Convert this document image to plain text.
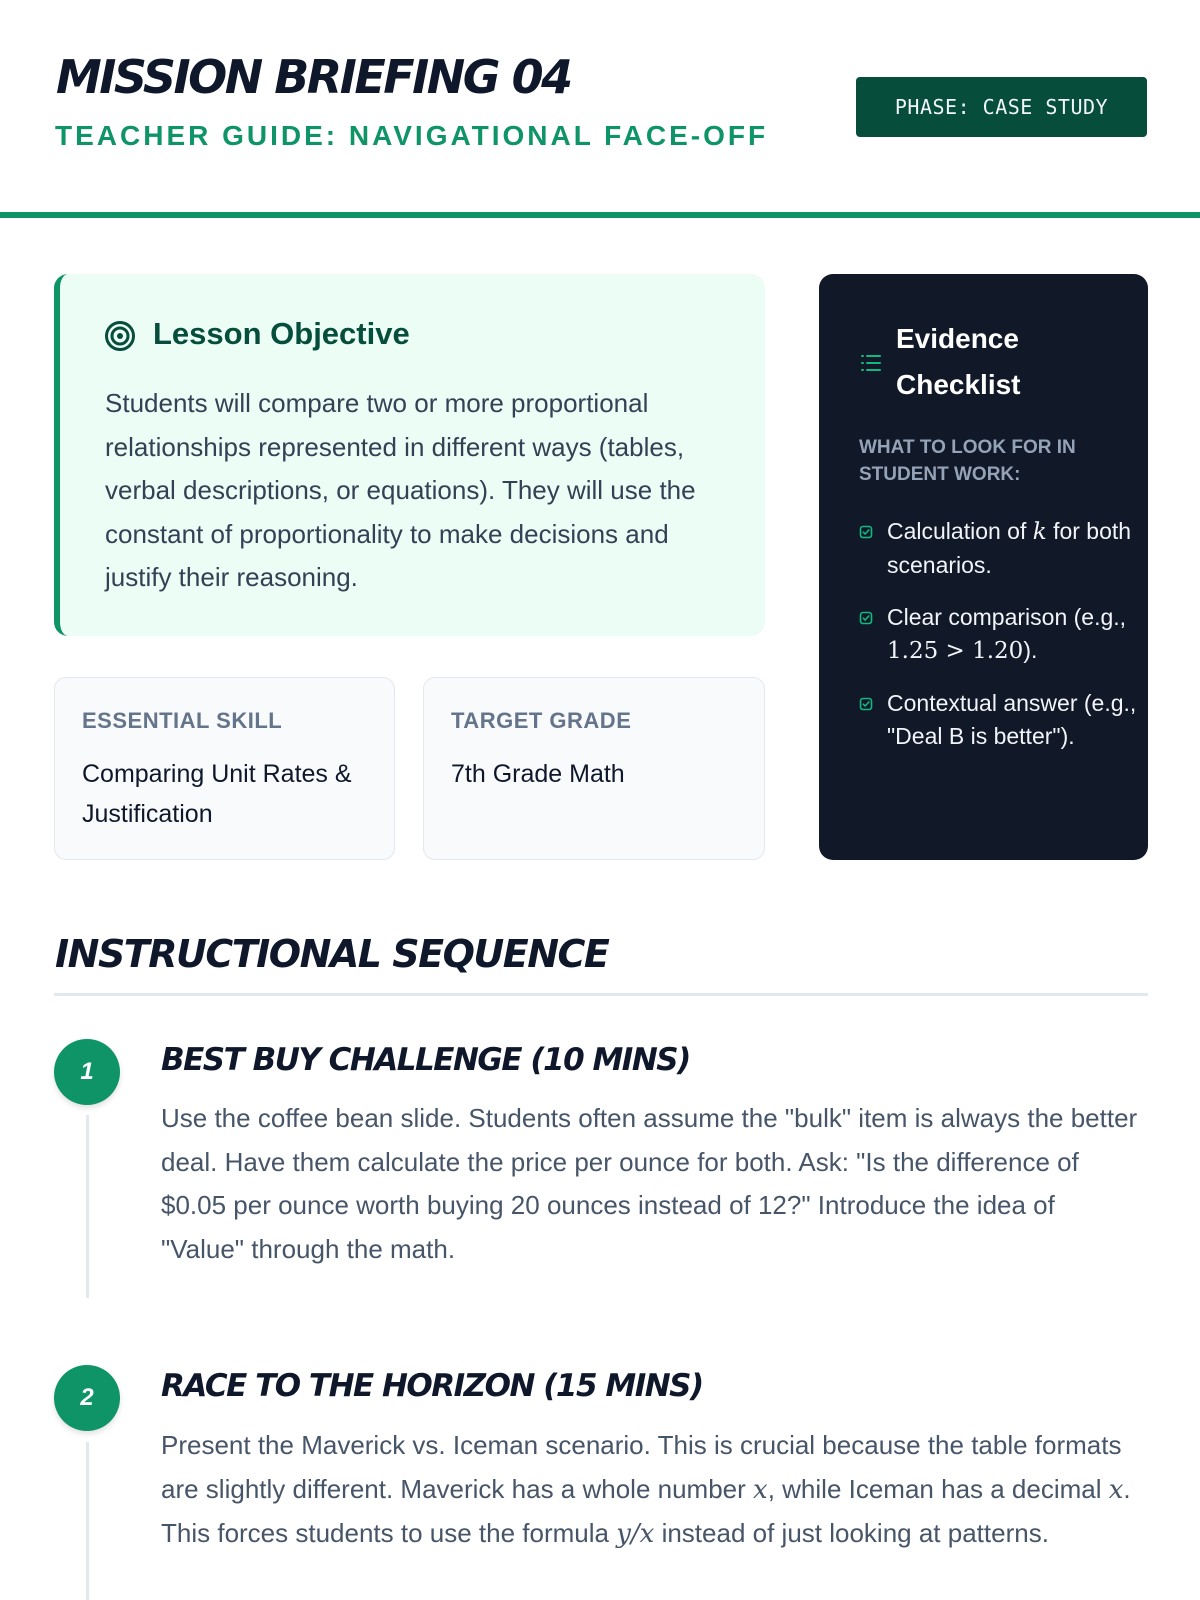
MISSION BRIEFING 04
TEACHER GUIDE: NAVIGATIONAL FACE-OFF
PHASE: CASE STUDY
Lesson Objective
Students will compare two or more proportional relationships represented in different ways (tables, verbal descriptions, or equations). They will use the constant of proportionality to make decisions and justify their reasoning.
ESSENTIAL SKILL
Comparing Unit Rates & Justification
TARGET GRADE
7th Grade Math
Evidence Checklist
WHAT TO LOOK FOR IN STUDENT WORK:
Calculation of k for both scenarios.
Clear comparison (e.g., 1.25 > 1.20).
Contextual answer (e.g., "Deal B is better").
INSTRUCTIONAL SEQUENCE
1	BEST BUY CHALLENGE (10 MINS)
Use the coffee bean slide. Students often assume the "bulk" item is always the better deal. Have them calculate the price per ounce for both. Ask: "Is the difference of $0.05 per ounce worth buying 20 ounces instead of 12?" Introduce the idea of "Value" through the math.
2	RACE TO THE HORIZON (15 MINS)
Present the Maverick vs. Iceman scenario. This is crucial because the table formats are slightly different. Maverick has a whole number x, while Iceman has a decimal x. This forces students to use the formula y/x instead of just looking at patterns.
